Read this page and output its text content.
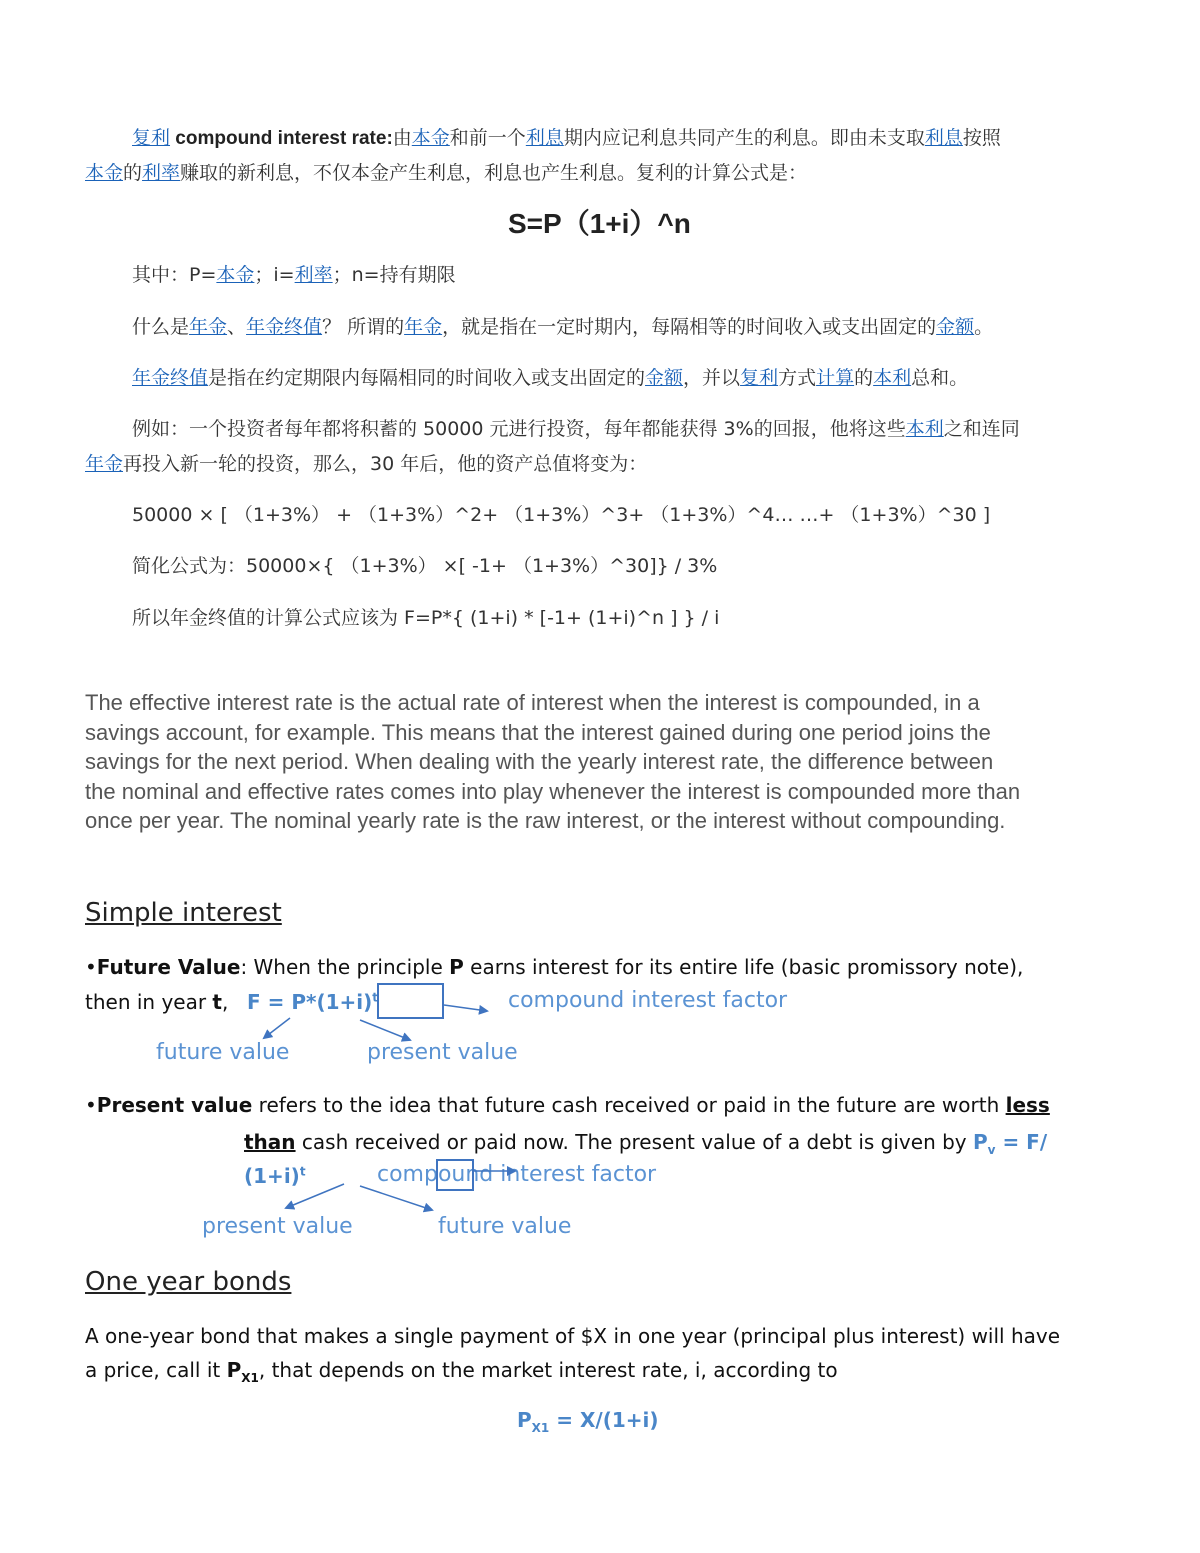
复利 compound interest rate:由本金和前一个利息期内应记利息共同产生的利息。即由未支取利息按照
本金的利率赚取的新利息，不仅本金产生利息，利息也产生利息。复利的计算公式是：
S=P（1+i）^n
其中：P=本金；i=利率；n=持有期限
什么是年金、年金终值？ 所谓的年金，就是指在一定时期内，每隔相等的时间收入或支出固定的金额。
年金终值是指在约定期限内每隔相同的时间收入或支出固定的金额，并以复利方式计算的本利总和。
例如：一个投资者每年都将积蓄的 50000 元进行投资，每年都能获得 3%的回报，他将这些本利之和连同
年金再投入新一轮的投资，那么，30 年后，他的资产总值将变为：
50000 × [ （1+3%） + （1+3%）^2+ （1+3%）^3+ （1+3%）^4… …+ （1+3%）^30 ]
简化公式为：50000×{ （1+3%） ×[ -1+ （1+3%）^30]} / 3%
所以年金终值的计算公式应该为 F=P*{ (1+i) * [-1+ (1+i)^n ] } / i
The effective interest rate is the actual rate of interest when the interest is compounded, in a
savings account, for example. This means that the interest gained during one period joins the
savings for the next period. When dealing with the yearly interest rate, the difference between
the nominal and effective rates comes into play whenever the interest is compounded more than
once per year. The nominal yearly rate is the raw interest, or the interest without compounding.
Simple interest
•Future Value: When the principle P earns interest for its entire life (basic promissory note),
then in year t, $F = P*(1+i)^t$	compound interest factor
future value	present value
•Present value refers to the idea that future cash received or paid in the future are worth less
than cash received or paid now. The present value of a debt is given by $P_v = F/$
$(1+i)^t$	compound interest factor
present value	future value
One year bonds
A one-year bond that makes a single payment of $X in one year (principal plus interest) will have
a price, call it $P_{X1}$, that depends on the market interest rate, i, according to
$P_{X1} = X/(1+i)$
